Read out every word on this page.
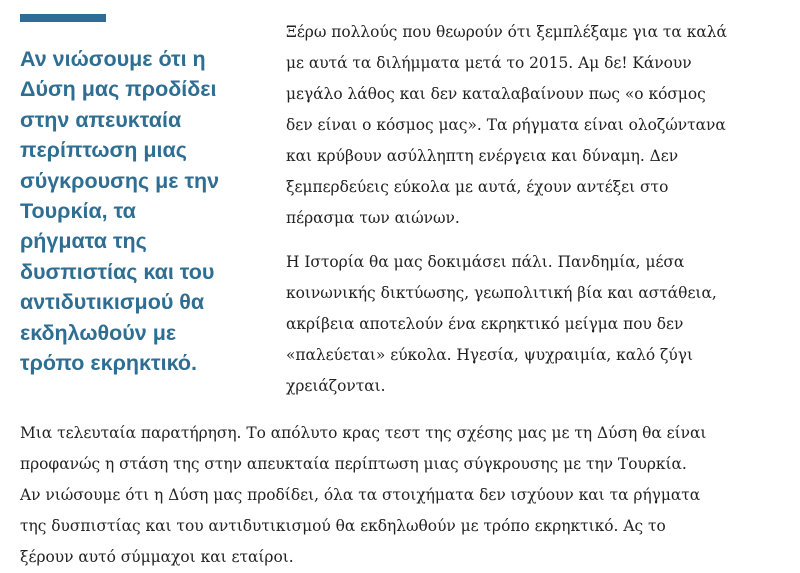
Αν νιώσουμε ότι η
Δύση μας προδίδει
στην απευκταία
περίπτωση μιας
σύγκρουσης με την
Τουρκία, τα
ρήγματα της
δυσπιστίας και του
αντιδυτικισμού θα
εκδηλωθούν με
τρόπο εκρηκτικό.

Ξέρω πολλούς που θεωρούν ότι ξεμπλέξαμε για τα καλά
με αυτά τα διλήμματα μετά το 2015. Αμ δε! Κάνουν
μεγάλο λάθος και δεν καταλαβαίνουν πως «ο κόσμος
δεν είναι ο κόσμος μας». Τα ρήγματα είναι ολοζώντανα
και κρύβουν ασύλληπτη ενέργεια και δύναμη. Δεν
ξεμπερδεύεις εύκολα με αυτά, έχουν αντέξει στο
πέρασμα των αιώνων.

Η Ιστορία θα μας δοκιμάσει πάλι. Πανδημία, μέσα
κοινωνικής δικτύωσης, γεωπολιτική βία και αστάθεια,
ακρίβεια αποτελούν ένα εκρηκτικό μείγμα που δεν
«παλεύεται» εύκολα. Ηγεσία, ψυχραιμία, καλό ζύγι
χρειάζονται.

Μια τελευταία παρατήρηση. Το απόλυτο κρας τεστ της σχέσης μας με τη Δύση θα είναι
προφανώς η στάση της στην απευκταία περίπτωση μιας σύγκρουσης με την Τουρκία.
Αν νιώσουμε ότι η Δύση μας προδίδει, όλα τα στοιχήματα δεν ισχύουν και τα ρήγματα
της δυσπιστίας και του αντιδυτικισμού θα εκδηλωθούν με τρόπο εκρηκτικό. Ας το
ξέρουν αυτό σύμμαχοι και εταίροι.
